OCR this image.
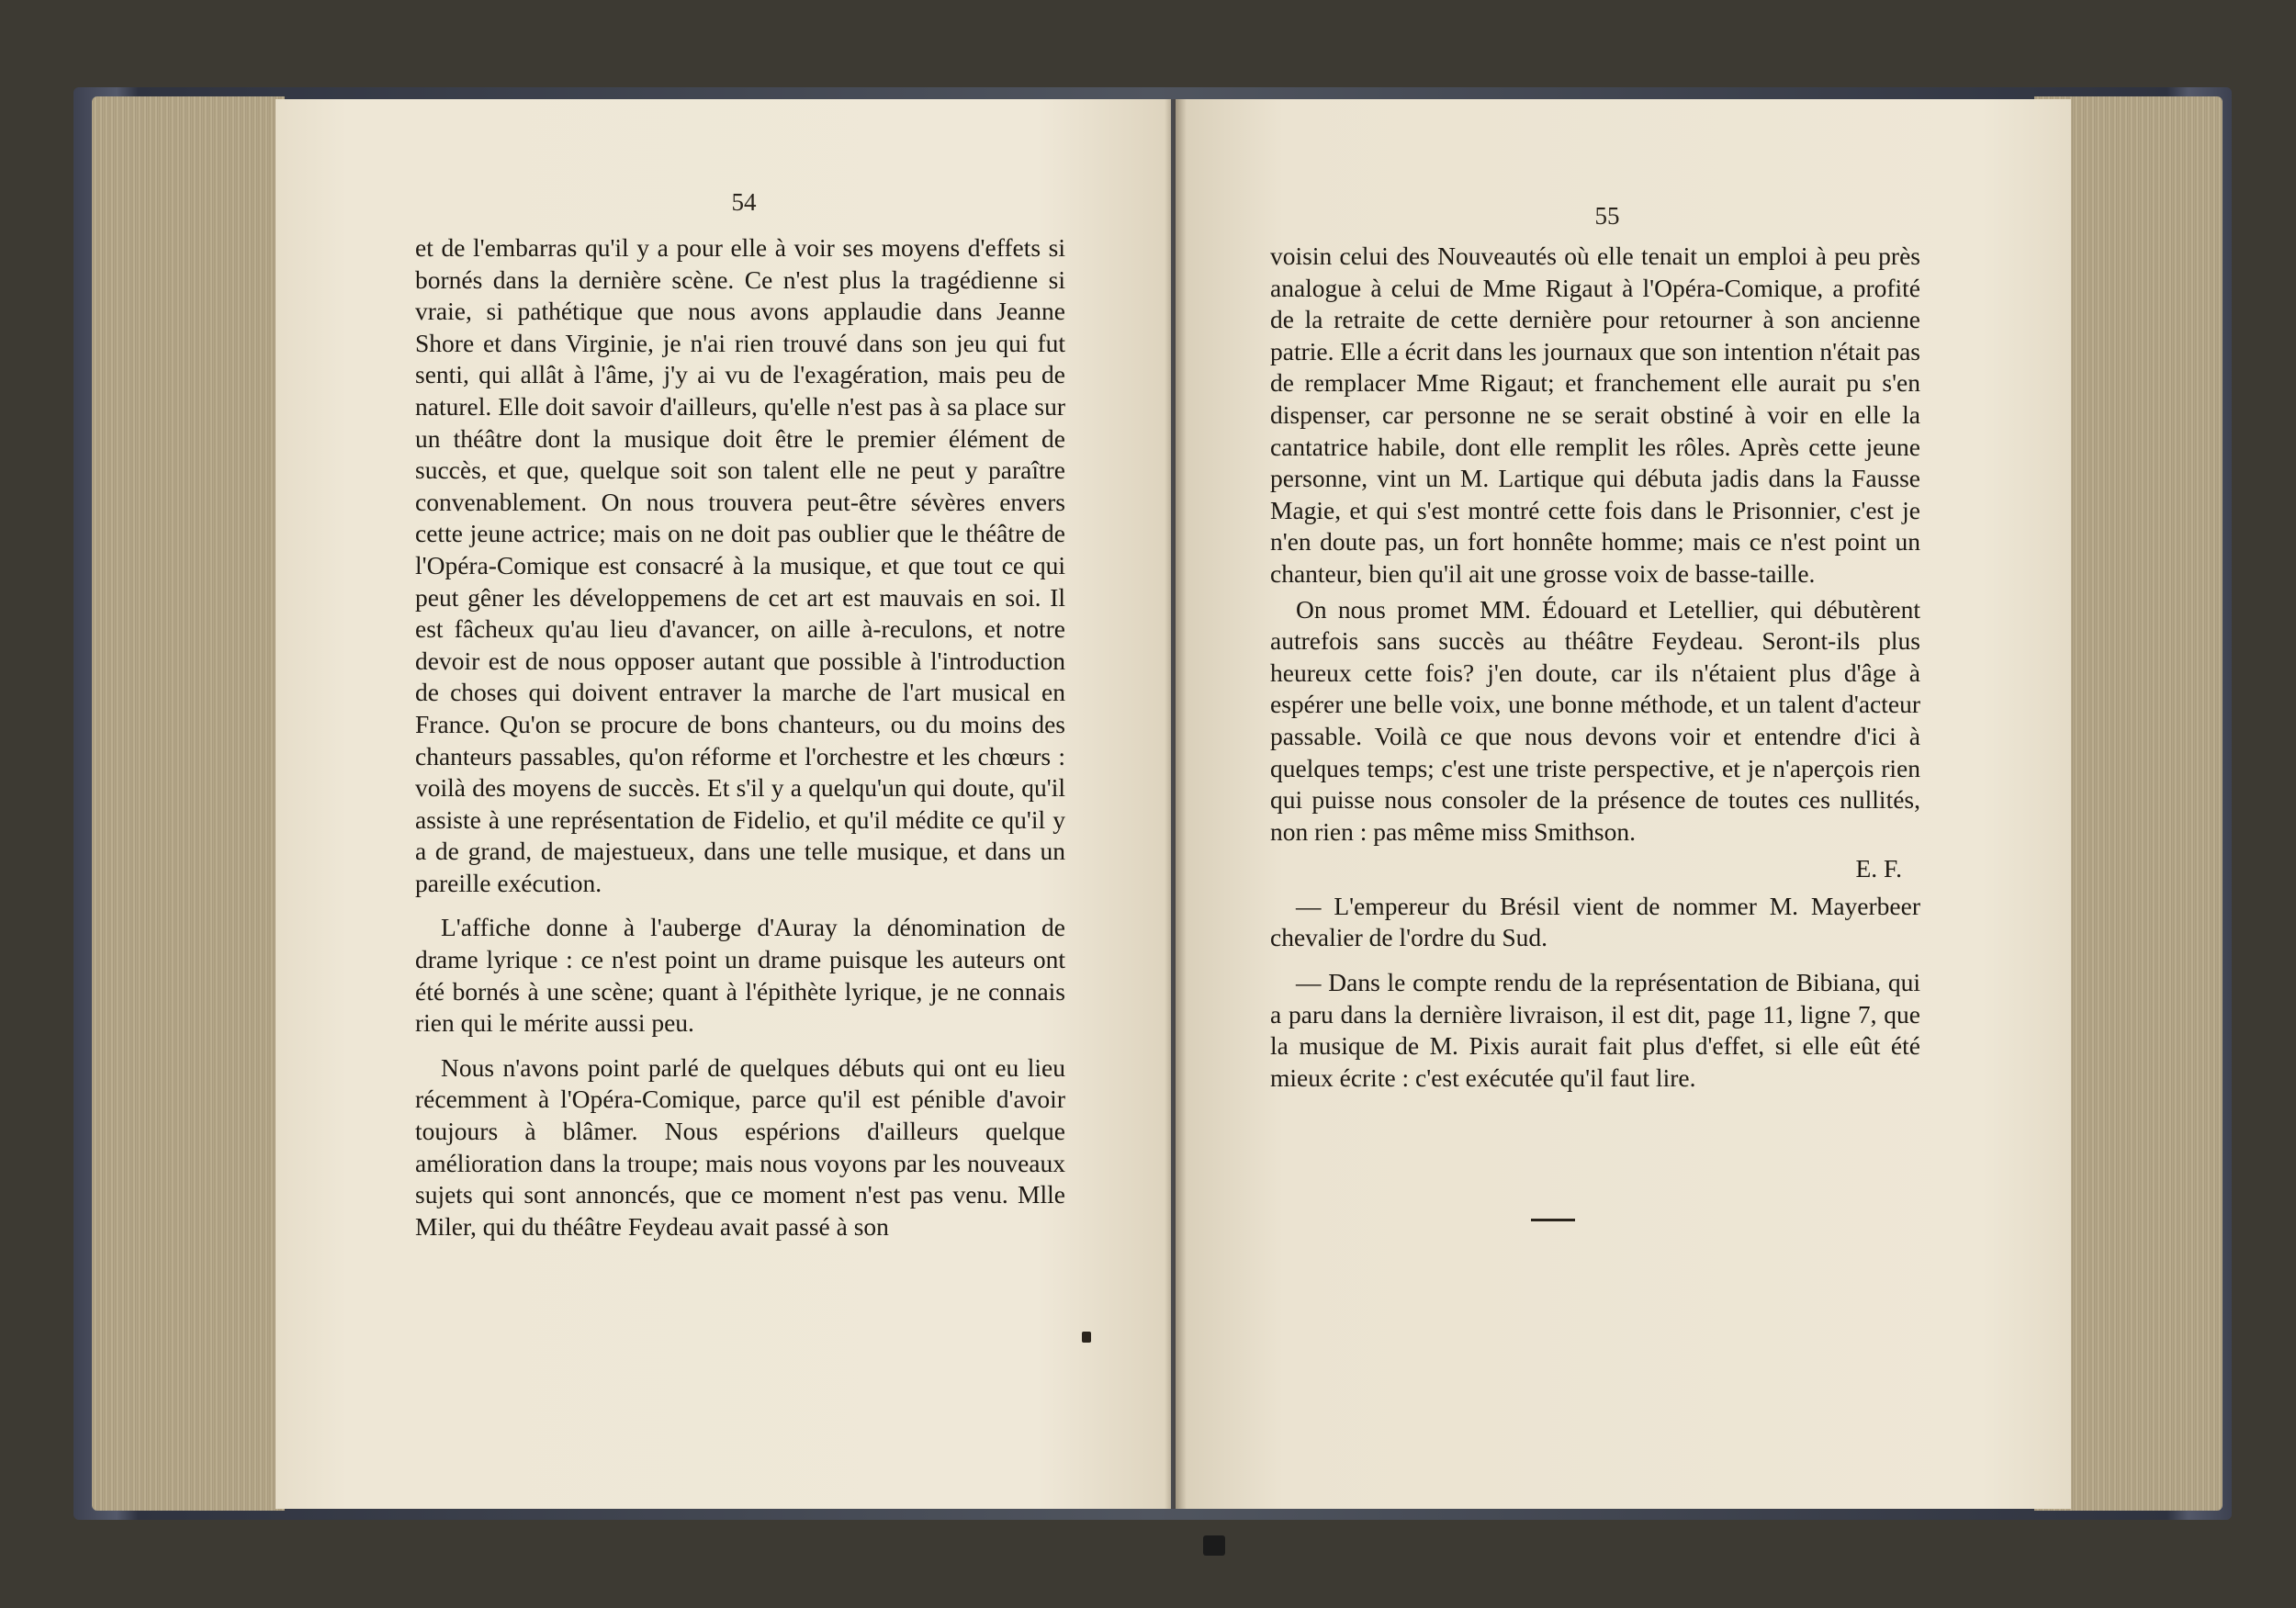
54	55

et de l'embarras qu'il y a pour elle à voir ses moyens d'effets si bornés dans la dernière scène. Ce n'est plus la tragédienne si vraie, si pathétique que nous avons applaudie dans Jeanne Shore et dans Virginie, je n'ai rien trouvé dans son jeu qui fut senti, qui allât à l'âme, j'y ai vu de l'exagération, mais peu de naturel. Elle doit savoir d'ailleurs, qu'elle n'est pas à sa place sur un théâtre dont la musique doit être le premier élément de succès, et que, quelque soit son talent elle ne peut y paraître convenablement. On nous trouvera peut-être sévères envers cette jeune actrice; mais on ne doit pas oublier que le théâtre de l'Opéra-Comique est consacré à la musique, et que tout ce qui peut gêner les développemens de cet art est mauvais en soi. Il est fâcheux qu'au lieu d'avancer, on aille à-reculons, et notre devoir est de nous opposer autant que possible à l'introduction de choses qui doivent entraver la marche de l'art musical en France. Qu'on se procure de bons chanteurs, ou du moins des chanteurs passables, qu'on réforme et l'orchestre et les chœurs : voilà des moyens de succès. Et s'il y a quelqu'un qui doute, qu'il assiste à une représentation de Fidelio, et qu'il médite ce qu'il y a de grand, de majestueux, dans une telle musique, et dans un pareille exécution.

L'affiche donne à l'auberge d'Auray la dénomination de drame lyrique : ce n'est point un drame puisque les auteurs ont été bornés à une scène; quant à l'épithète lyrique, je ne connais rien qui le mérite aussi peu.

Nous n'avons point parlé de quelques débuts qui ont eu lieu récemment à l'Opéra-Comique, parce qu'il est pénible d'avoir toujours à blâmer. Nous espérions d'ailleurs quelque amélioration dans la troupe; mais nous voyons par les nouveaux sujets qui sont annoncés, que ce moment n'est pas venu. Mlle Miler, qui du théâtre Feydeau avait passé à son

voisin celui des Nouveautés où elle tenait un emploi à peu près analogue à celui de Mme Rigaut à l'Opéra-Comique, a profité de la retraite de cette dernière pour retourner à son ancienne patrie. Elle a écrit dans les journaux que son intention n'était pas de remplacer Mme Rigaut; et franchement elle aurait pu s'en dispenser, car personne ne se serait obstiné à voir en elle la cantatrice habile, dont elle remplit les rôles. Après cette jeune personne, vint un M. Lartique qui débuta jadis dans la Fausse Magie, et qui s'est montré cette fois dans le Prisonnier, c'est je n'en doute pas, un fort honnête homme; mais ce n'est point un chanteur, bien qu'il ait une grosse voix de basse-taille.

On nous promet MM. Édouard et Letellier, qui débutèrent autrefois sans succès au théâtre Feydeau. Seront-ils plus heureux cette fois? j'en doute, car ils n'étaient plus d'âge à espérer une belle voix, une bonne méthode, et un talent d'acteur passable. Voilà ce que nous devons voir et entendre d'ici à quelques temps; c'est une triste perspective, et je n'aperçois rien qui puisse nous consoler de la présence de toutes ces nullités, non rien : pas même miss Smithson.

E. F.

— L'empereur du Brésil vient de nommer M. Mayerbeer chevalier de l'ordre du Sud.

— Dans le compte rendu de la représentation de Bibiana, qui a paru dans la dernière livraison, il est dit, page 11, ligne 7, que la musique de M. Pixis aurait fait plus d'effet, si elle eût été mieux écrite : c'est exécutée qu'il faut lire.
